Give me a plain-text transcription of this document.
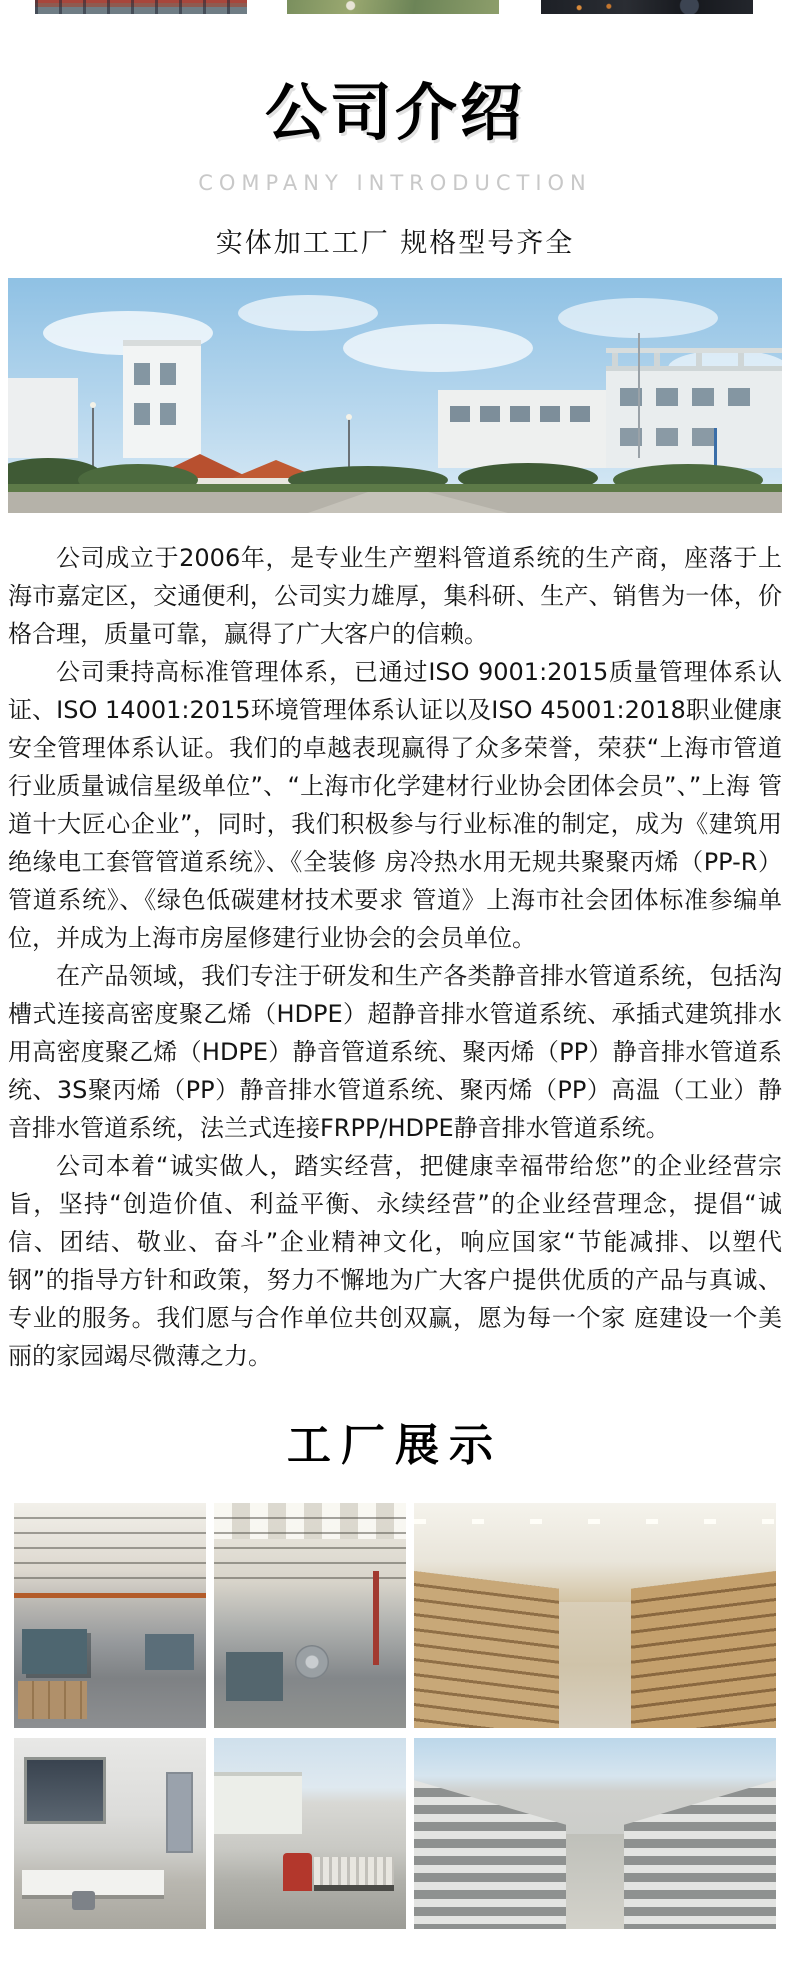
公司介绍
COMPANY INTRODUCTION
实体加工工厂 规格型号齐全

公司成立于2006年，是专业生产塑料管道系统的生产商，座落于上海市嘉定区，交通便利，公司实力雄厚，集科研、生产、销售为一体，价格合理，质量可靠，赢得了广大客户的信赖。

公司秉持高标准管理体系，已通过ISO 9001:2015质量管理体系认证、ISO 14001:2015环境管理体系认证以及ISO 45001:2018职业健康安全管理体系认证。我们的卓越表现赢得了众多荣誉，荣获“上海市管道行业质量诚信星级单位”、“上海市化学建材行业协会团体会员”、”上海 管道十大匠心企业”，同时，我们积极参与行业标准的制定，成为《建筑用绝缘电工套管管道系统》、《全装修 房冷热水用无规共聚聚丙烯（PP-R）管道系统》、《绿色低碳建材技术要求 管道》上海市社会团体标准参编单位，并成为上海市房屋修建行业协会的会员单位。

在产品领域，我们专注于研发和生产各类静音排水管道系统，包括沟槽式连接高密度聚乙烯（HDPE）超静音排水管道系统、承插式建筑排水用高密度聚乙烯（HDPE）静音管道系统、聚丙烯（PP）静音排水管道系统、3S聚丙烯（PP）静音排水管道系统、聚丙烯（PP）高温（工业）静音排水管道系统，法兰式连接FRPP/HDPE静音排水管道系统。

公司本着“诚实做人，踏实经营，把健康幸福带给您”的企业经营宗旨，坚持“创造价值、利益平衡、永续经营”的企业经营理念，提倡“诚信、团结、敬业、奋斗”企业精神文化，响应国家“节能减排、以塑代钢”的指导方针和政策，努力不懈地为广大客户提供优质的产品与真诚、专业的服务。我们愿与合作单位共创双赢，愿为每一个家 庭建设一个美丽的家园竭尽微薄之力。

工厂展示
